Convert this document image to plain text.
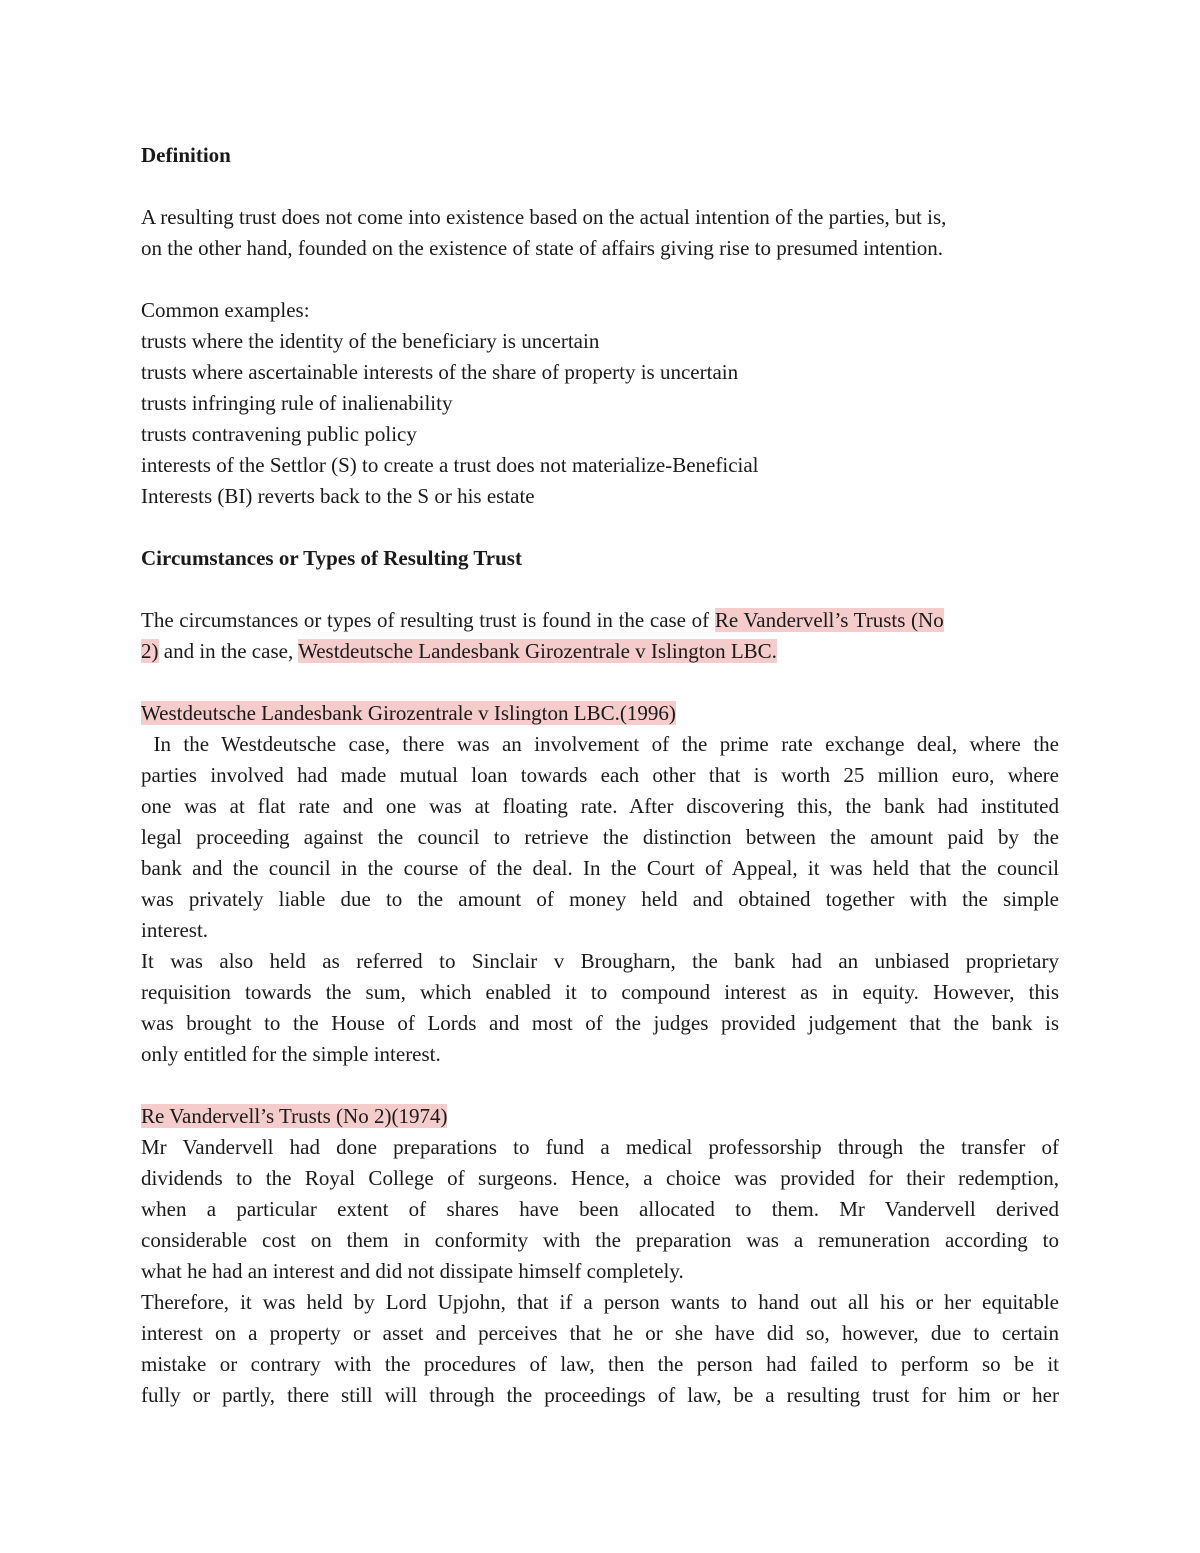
Definition
A resulting trust does not come into existence based on the actual intention of the parties, but is,
on the other hand, founded on the existence of state of affairs giving rise to presumed intention.
Common examples:
trusts where the identity of the beneficiary is uncertain
trusts where ascertainable interests of the share of property is uncertain
trusts infringing rule of inalienability
trusts contravening public policy
interests of the Settlor (S) to create a trust does not materialize-Beneficial
Interests (BI) reverts back to the S or his estate
Circumstances or Types of Resulting Trust
The circumstances or types of resulting trust is found in the case of Re Vandervell’s Trusts (No
2) and in the case, Westdeutsche Landesbank Girozentrale v Islington LBC.
Westdeutsche Landesbank Girozentrale v Islington LBC.(1996)
In the Westdeutsche case, there was an involvement of the prime rate exchange deal, where the
parties involved had made mutual loan towards each other that is worth 25 million euro, where
one was at flat rate and one was at floating rate. After discovering this, the bank had instituted
legal proceeding against the council to retrieve the distinction between the amount paid by the
bank and the council in the course of the deal. In the Court of Appeal, it was held that the council
was privately liable due to the amount of money held and obtained together with the simple
interest.
It was also held as referred to Sinclair v Brougharn, the bank had an unbiased proprietary
requisition towards the sum, which enabled it to compound interest as in equity. However, this
was brought to the House of Lords and most of the judges provided judgement that the bank is
only entitled for the simple interest.
Re Vandervell’s Trusts (No 2)(1974)
Mr Vandervell had done preparations to fund a medical professorship through the transfer of
dividends to the Royal College of surgeons. Hence, a choice was provided for their redemption,
when a particular extent of shares have been allocated to them. Mr Vandervell derived
considerable cost on them in conformity with the preparation was a remuneration according to
what he had an interest and did not dissipate himself completely.
Therefore, it was held by Lord Upjohn, that if a person wants to hand out all his or her equitable
interest on a property or asset and perceives that he or she have did so, however, due to certain
mistake or contrary with the procedures of law, then the person had failed to perform so be it
fully or partly, there still will through the proceedings of law, be a resulting trust for him or her
